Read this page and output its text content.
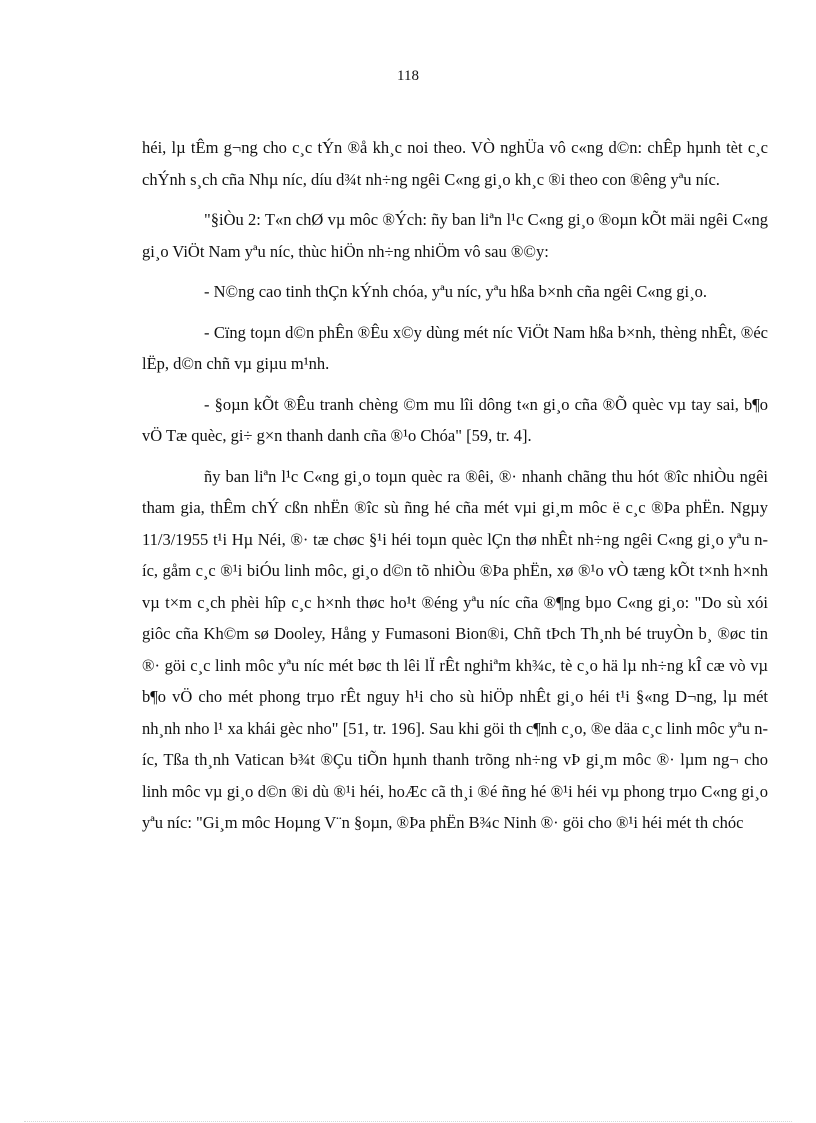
118

héi, lµ tÊm g¬ng cho c¸c tÝn ®å kh¸c noi theo. VÒ nghÜa vô c«ng d©n: chÊp hµnh tèt c¸c chÝnh s¸ch cña Nhµ níc, díu d¾t nh÷ng ngêi C«ng gi¸o kh¸c ®i theo con ®êng yªu níc.

"§iÒu 2: T«n chØ vµ môc ®Ých: ñy ban liªn l¹c C«ng gi¸o ®oµn kÕt mäi ngêi C«ng gi¸o ViÖt Nam yªu níc, thùc hiÖn nh÷ng nhiÖm vô sau ®©y:

- N©ng cao tinh thÇn kÝnh chóa, yªu níc, yªu hßa b×nh cña ngêi C«ng gi¸o.

- Cïng toµn d©n phÊn ®Êu x©y dùng mét níc ViÖt Nam hßa b×nh, thèng nhÊt, ®éc lËp, d©n chñ vµ giµu m¹nh.

- §oµn kÕt ®Êu tranh chèng ©m mu lîi dông t«n gi¸o cña ®Õ quèc vµ tay sai, b¶o vÖ Tæ quèc, gi÷ g×n thanh danh cña ®¹o Chóa" [59, tr. 4].

ñy ban liªn l¹c C«ng gi¸o toµn quèc ra ®êi, ®· nhanh chãng thu hót ®îc nhiÒu ngêi tham gia, thÊm chÝ cßn nhËn ®îc sù ñng hé cña mét vµi gi¸m môc ë c¸c ®Þa phËn. Ngµy 11/3/1955 t¹i Hµ Néi, ®· tæ chøc §¹i héi toµn quèc lÇn thø nhÊt nh÷ng ngêi C«ng gi¸o yªu níc, gåm c¸c ®¹i biÓu linh môc, gi¸o d©n tõ nhiÒu ®Þa phËn, xø ®¹o vÒ tæng kÕt t×nh h×nh vµ t×m c¸ch phèi hîp c¸c h×nh thøc ho¹t ®éng yªu níc cña ®¶ng bµo C«ng gi¸o: "Do sù xói giôc cña Kh©m sø Dooley, Hång y Fumasoni Bion®i, Chñ tÞch Th¸nh bé truyÒn b¸ ®øc tin ®· göi c¸c linh môc yªu níc mét bøc th lêi lÏ rÊt nghiªm kh¾c, tè c¸o hä lµ nh÷ng kÎ cæ vò vµ b¶o vÖ cho mét phong trµo rÊt nguy h¹i cho sù hiÖp nhÊt gi¸o héi t¹i §«ng D¬ng, lµ mét nh¸nh nho l¹ xa khái gèc nho" [51, tr. 196]. Sau khi göi th c¶nh c¸o, ®e däa c¸c linh môc yªu n íc, Tßa th¸nh Vatican b¾t ®Çu tiÕn hµnh thanh trõng nh÷ng vÞ gi¸m môc ®· lµm ng¬ cho linh môc vµ gi¸o d©n ®i dù ®¹i héi, hoÆc cã th¸i ®é ñng hé ®¹i héi vµ phong trµo C«ng gi¸o yªu níc: "Gi¸m môc Hoµng V¨n §oµn, ®Þa phËn B¾c Ninh ®· göi cho ®¹i héi mét th chóc
